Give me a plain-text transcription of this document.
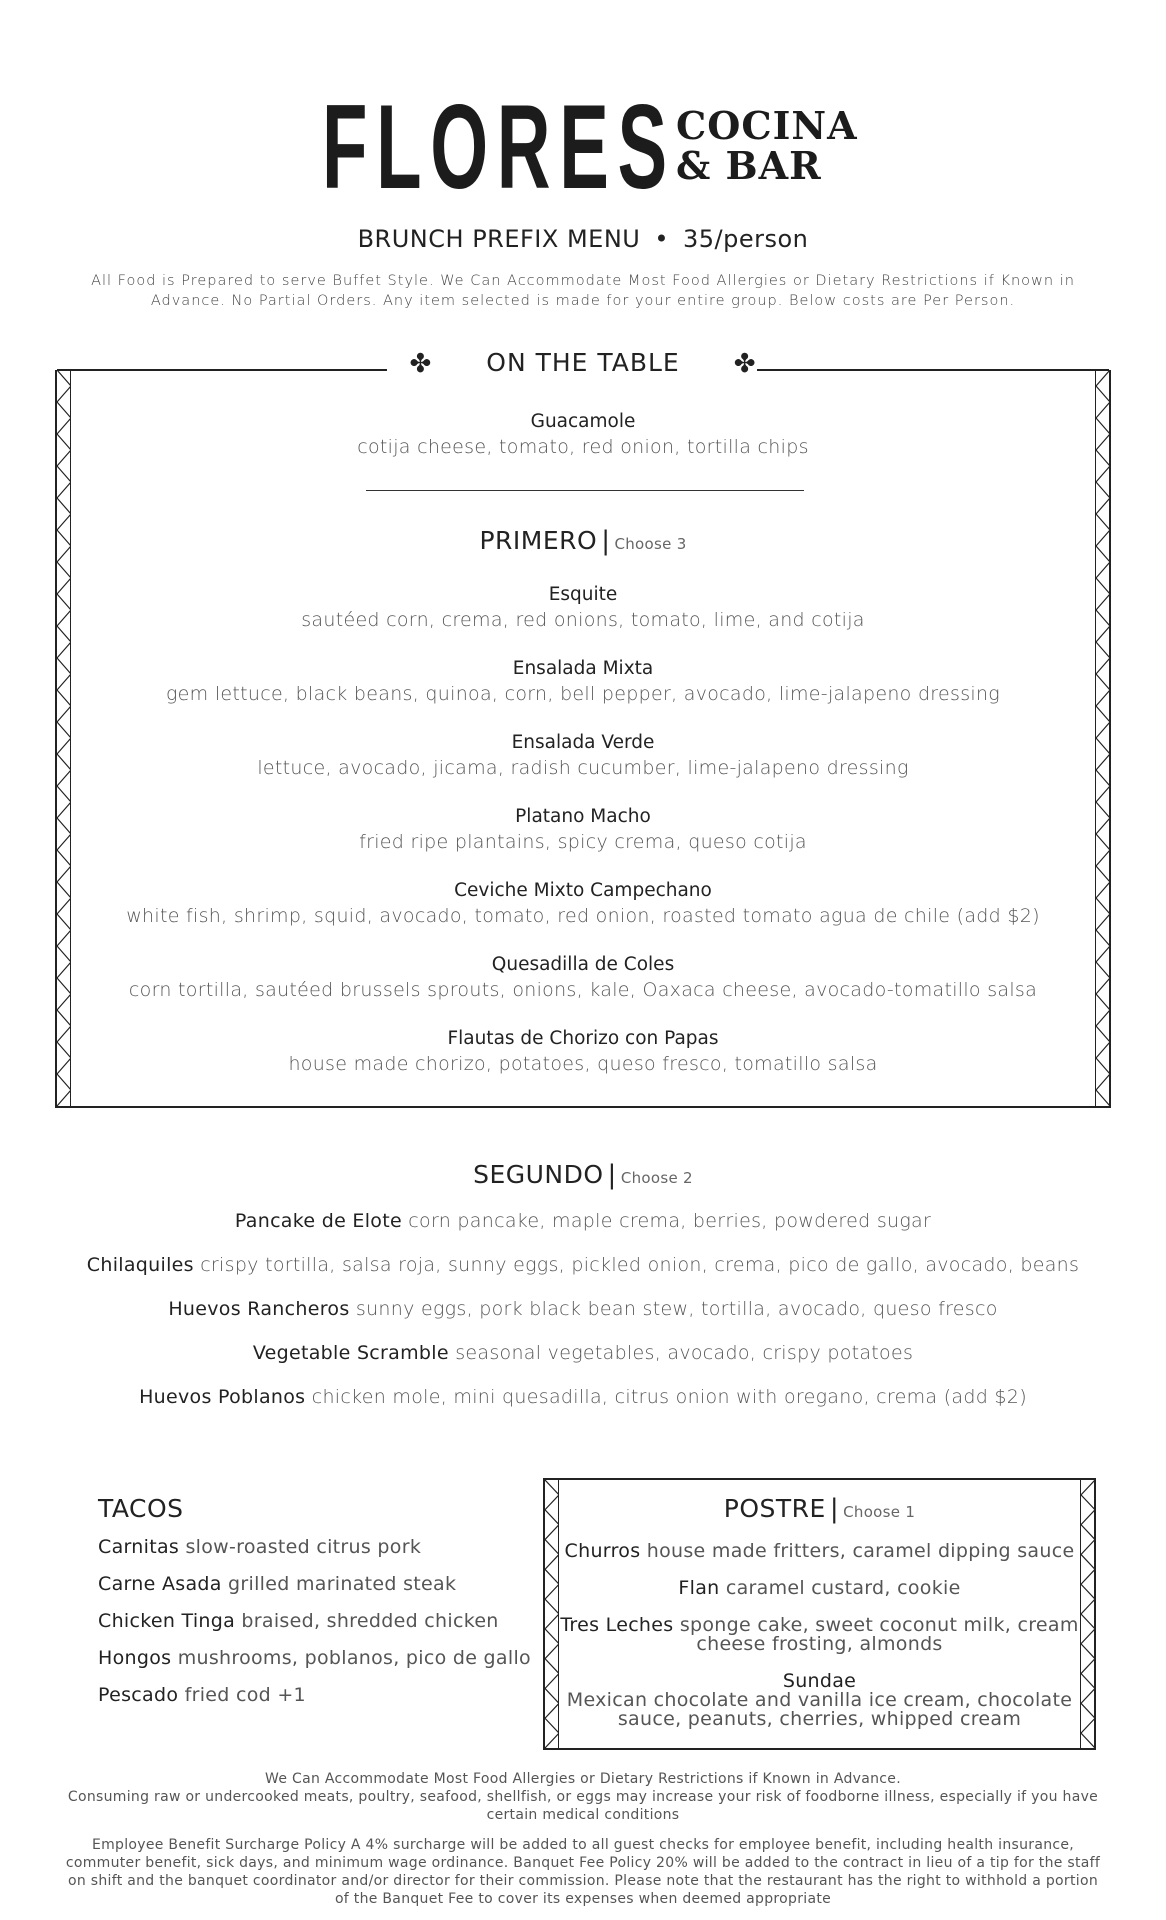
FLORES COCINA
& BAR
BRUNCH PREFIX MENU • 35/person
All Food is Prepared to serve Buffet Style. We Can Accommodate Most Food Allergies or Dietary Restrictions if Known in Advance. No Partial Orders. Any item selected is made for your entire group. Below costs are Per Person.
✤ ON THE TABLE ✤
Guacamole
cotija cheese, tomato, red onion, tortilla chips
PRIMERO | Choose 3
Esquite
sautéed corn, crema, red onions, tomato, lime, and cotija
Ensalada Mixta
gem lettuce, black beans, quinoa, corn, bell pepper, avocado, lime-jalapeno dressing
Ensalada Verde
lettuce, avocado, jicama, radish cucumber, lime-jalapeno dressing
Platano Macho
fried ripe plantains, spicy crema, queso cotija
Ceviche Mixto Campechano
white fish, shrimp, squid, avocado, tomato, red onion, roasted tomato agua de chile (add $2)
Quesadilla de Coles
corn tortilla, sautéed brussels sprouts, onions, kale, Oaxaca cheese, avocado-tomatillo salsa
Flautas de Chorizo con Papas
house made chorizo, potatoes, queso fresco, tomatillo salsa
SEGUNDO | Choose 2
Pancake de Elote corn pancake, maple crema, berries, powdered sugar
Chilaquiles crispy tortilla, salsa roja, sunny eggs, pickled onion, crema, pico de gallo, avocado, beans
Huevos Rancheros sunny eggs, pork black bean stew, tortilla, avocado, queso fresco
Vegetable Scramble seasonal vegetables, avocado, crispy potatoes
Huevos Poblanos chicken mole, mini quesadilla, citrus onion with oregano, crema (add $2)
TACOS
Carnitas slow-roasted citrus pork
Carne Asada grilled marinated steak
Chicken Tinga braised, shredded chicken
Hongos mushrooms, poblanos, pico de gallo
Pescado fried cod +1
POSTRE | Choose 1
Churros house made fritters, caramel dipping sauce
Flan caramel custard, cookie
Tres Leches sponge cake, sweet coconut milk, cream cheese frosting, almonds
Sundae
Mexican chocolate and vanilla ice cream, chocolate sauce, peanuts, cherries, whipped cream
We Can Accommodate Most Food Allergies or Dietary Restrictions if Known in Advance.
Consuming raw or undercooked meats, poultry, seafood, shellfish, or eggs may increase your risk of foodborne illness, especially if you have certain medical conditions
Employee Benefit Surcharge Policy A 4% surcharge will be added to all guest checks for employee benefit, including health insurance, commuter benefit, sick days, and minimum wage ordinance. Banquet Fee Policy 20% will be added to the contract in lieu of a tip for the staff on shift and the banquet coordinator and/or director for their commission. Please note that the restaurant has the right to withhold a portion of the Banquet Fee to cover its expenses when deemed appropriate
